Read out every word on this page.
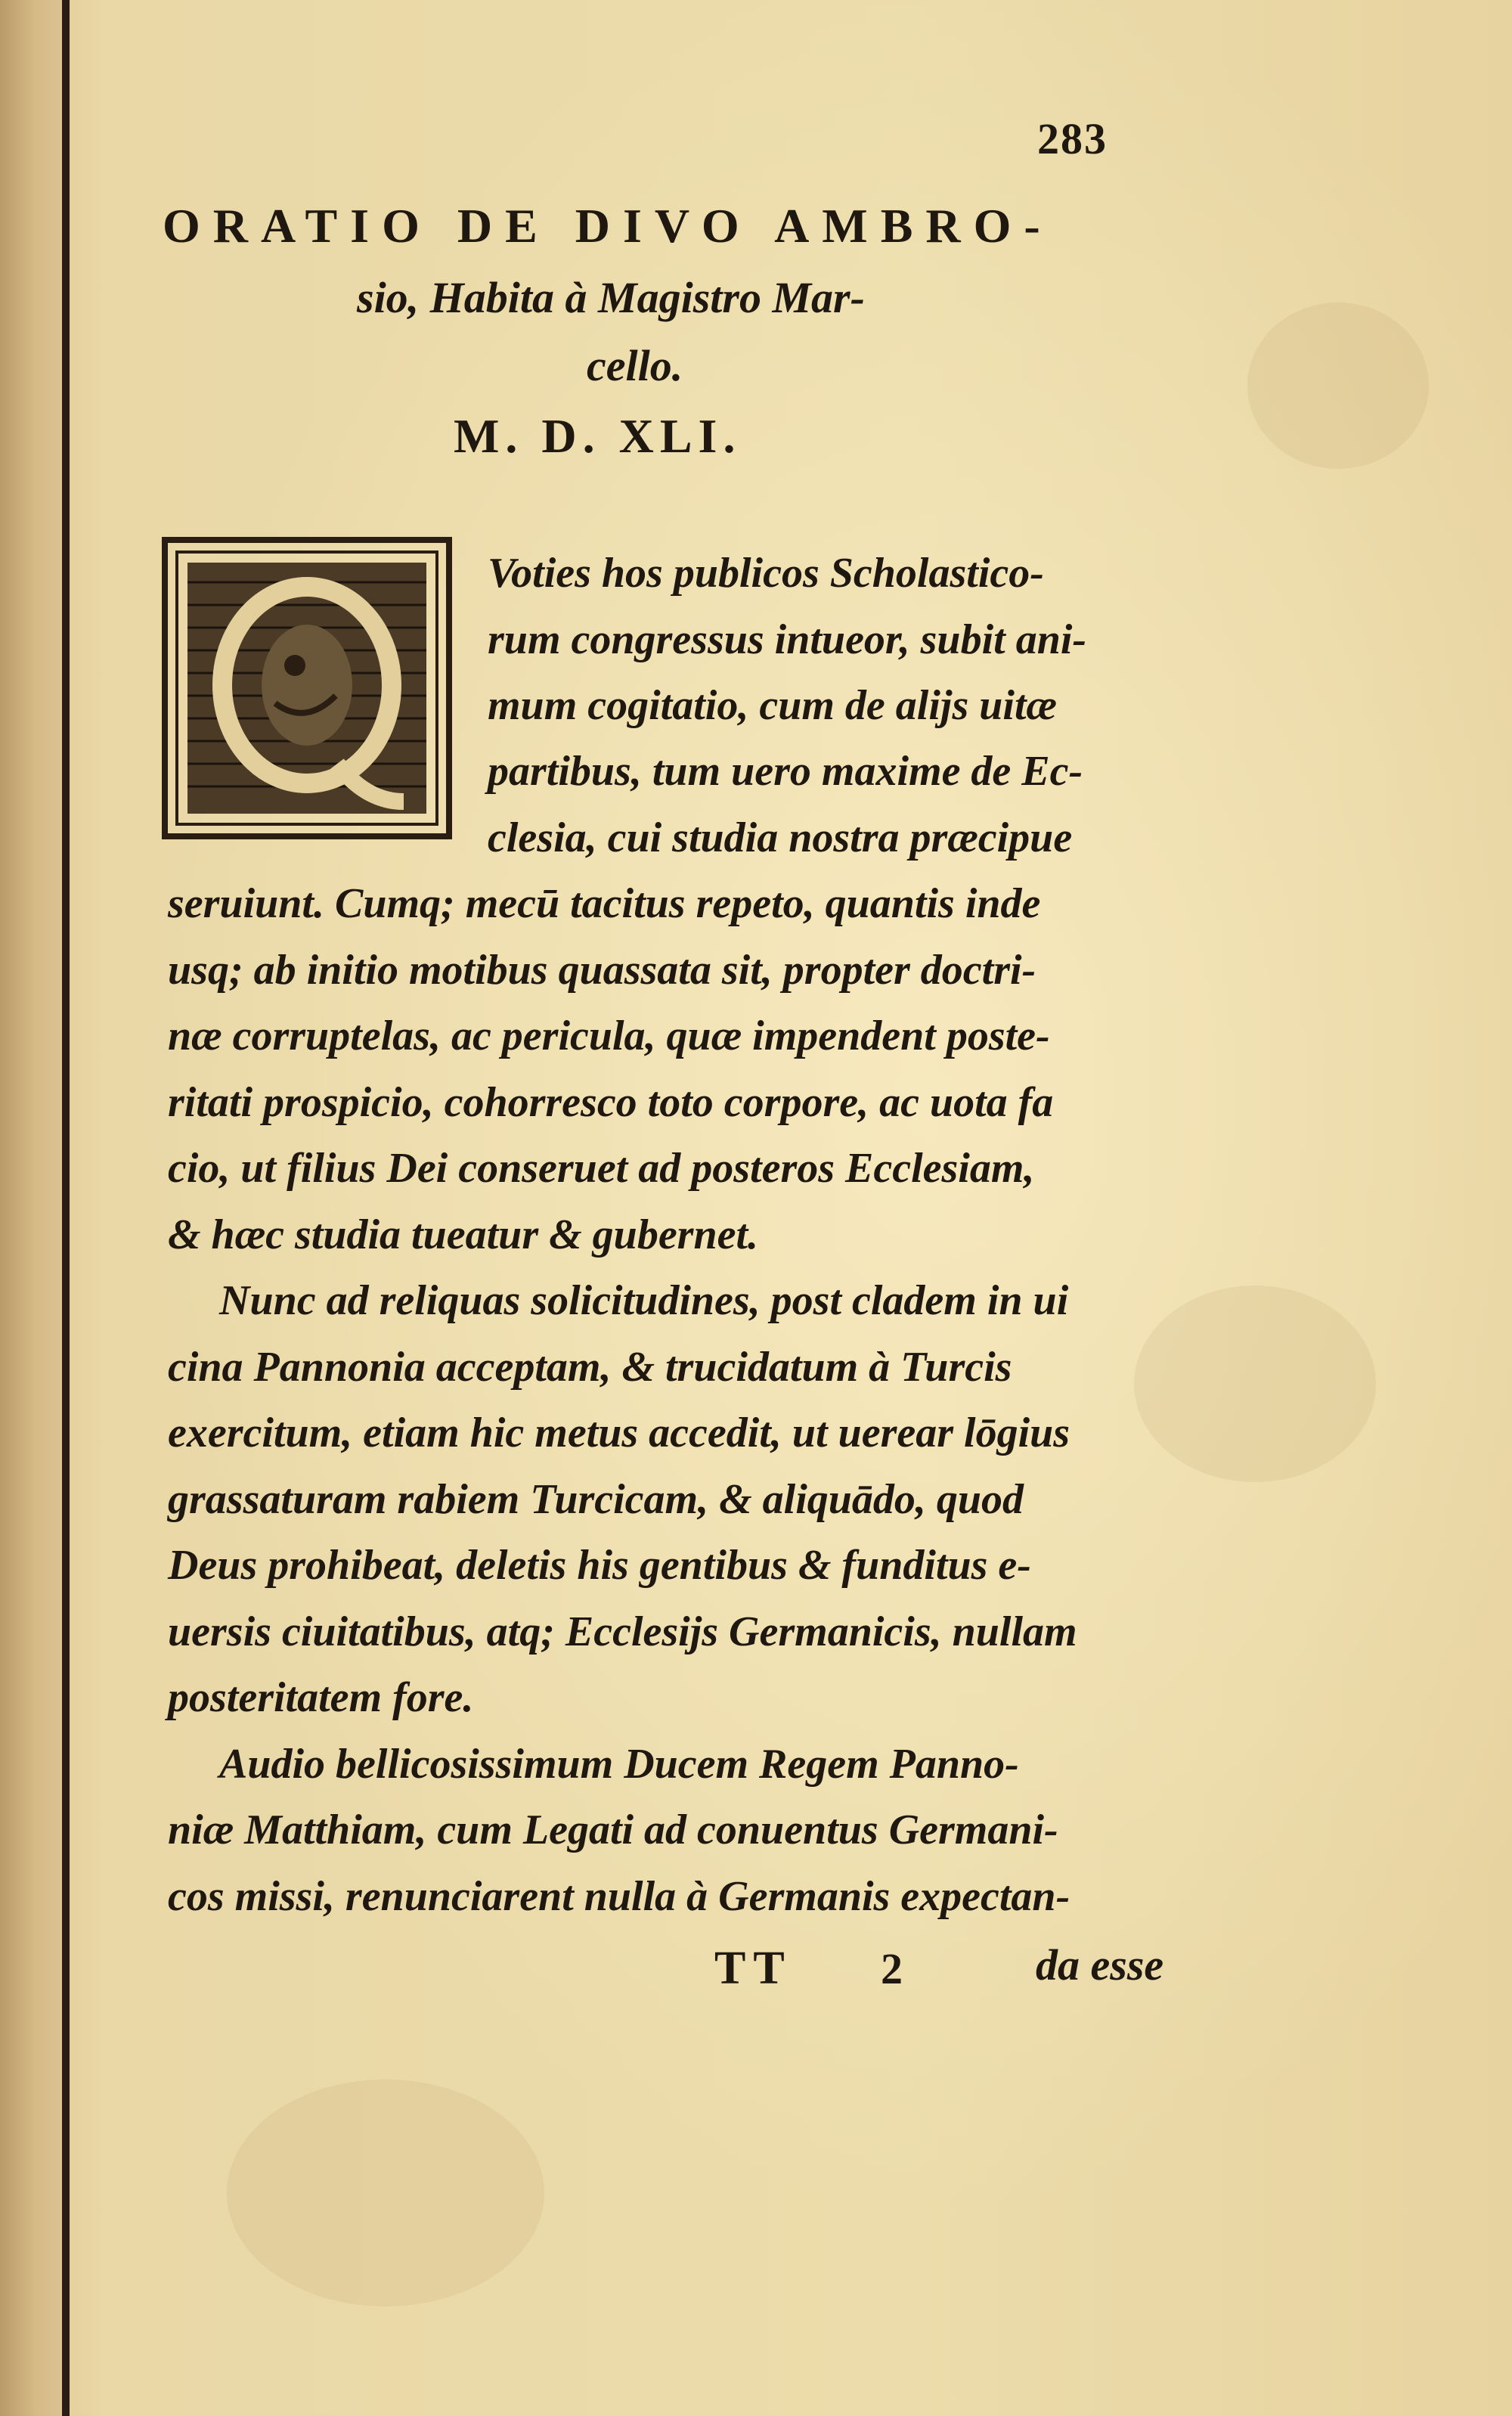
283
ORATIO DE DIVO AMBRO-
sio, Habita à Magistro Mar-
cello.
M. D. XLI.
Q	Voties hos publicos Scholastico-
rum congressus intueor, subit ani-
mum cogitatio, cum de alijs uitæ
partibus, tum uero maxime de Ec-
clesia, cui studia nostra præcipue
seruiunt. Cumq; mecū tacitus repeto, quantis inde
usq; ab initio motibus quassata sit, propter doctri-
næ corruptelas, ac pericula, quæ impendent poste-
ritati prospicio, cohorresco toto corpore, ac uota fa
cio, ut filius Dei conseruet ad posteros Ecclesiam,
& hæc studia tueatur & gubernet.
Nunc ad reliquas solicitudines, post cladem in ui
cina Pannonia acceptam, & trucidatum à Turcis
exercitum, etiam hic metus accedit, ut uerear lōgius
grassaturam rabiem Turcicam, & aliquādo, quod
Deus prohibeat, deletis his gentibus & funditus e-
uersis ciuitatibus, atq; Ecclesijs Germanicis, nullam
posteritatem fore.
Audio bellicosissimum Ducem Regem Panno-
niæ Matthiam, cum Legati ad conuentus Germani-
cos missi, renunciarent nulla à Germanis expectan-
TT 2	da esse
